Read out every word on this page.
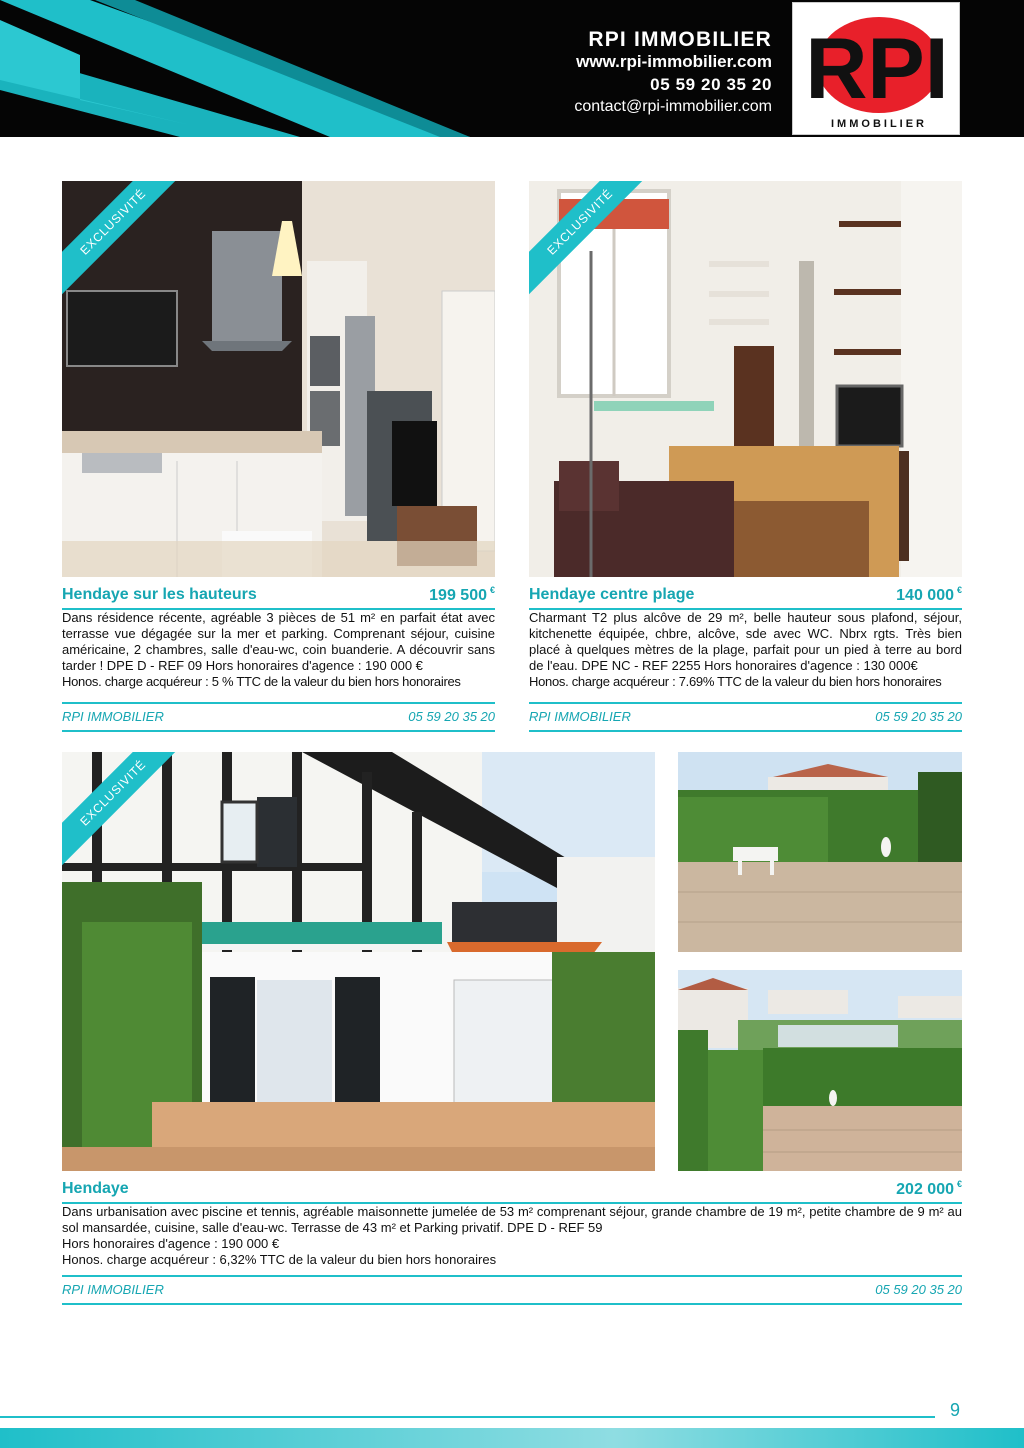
RPI IMMOBILIER
www.rpi-immobilier.com
05 59 20 35 20
contact@rpi-immobilier.com RPI
IMMOBILIER
EXCLUSIVITÉ	EXCLUSIVITÉ
Hendaye sur les hauteurs	199 500 €

Dans résidence récente, agréable 3 pièces de 51 m² en parfait état avec terrasse vue dégagée sur la mer et parking. Comprenant séjour, cuisine américaine, 2 chambres, salle d'eau-wc, coin buanderie. A découvrir sans tarder ! DPE D - REF 09 Hors honoraires d'agence : 190 000 €

Honos. charge acquéreur : 5 % TTC de la valeur du bien hors honoraires

RPI IMMOBILIER	05 59 20 35 20
Hendaye centre plage	140 000 €

Charmant T2 plus alcôve de 29 m², belle hauteur sous plafond, séjour, kitchenette équipée, chbre, alcôve, sde avec WC. Nbrx rgts. Très bien placé à quelques mètres de la plage, parfait pour un pied à terre au bord de l'eau. DPE NC - REF 2255 Hors honoraires d'agence : 130 000€

Honos. charge acquéreur : 7.69% TTC de la valeur du bien hors honoraires

RPI IMMOBILIER	05 59 20 35 20
EXCLUSIVITÉ
Hendaye	202 000 €

Dans urbanisation avec piscine et tennis, agréable maisonnette jumelée de 53 m² comprenant séjour, grande chambre de 19 m², petite chambre de 9 m² au sol mansardée, cuisine, salle d'eau-wc. Terrasse de 43 m² et Parking privatif. DPE D - REF 59

Hors honoraires d'agence : 190 000 €

Honos. charge acquéreur : 6,32% TTC de la valeur du bien hors honoraires

RPI IMMOBILIER	05 59 20 35 20
9
